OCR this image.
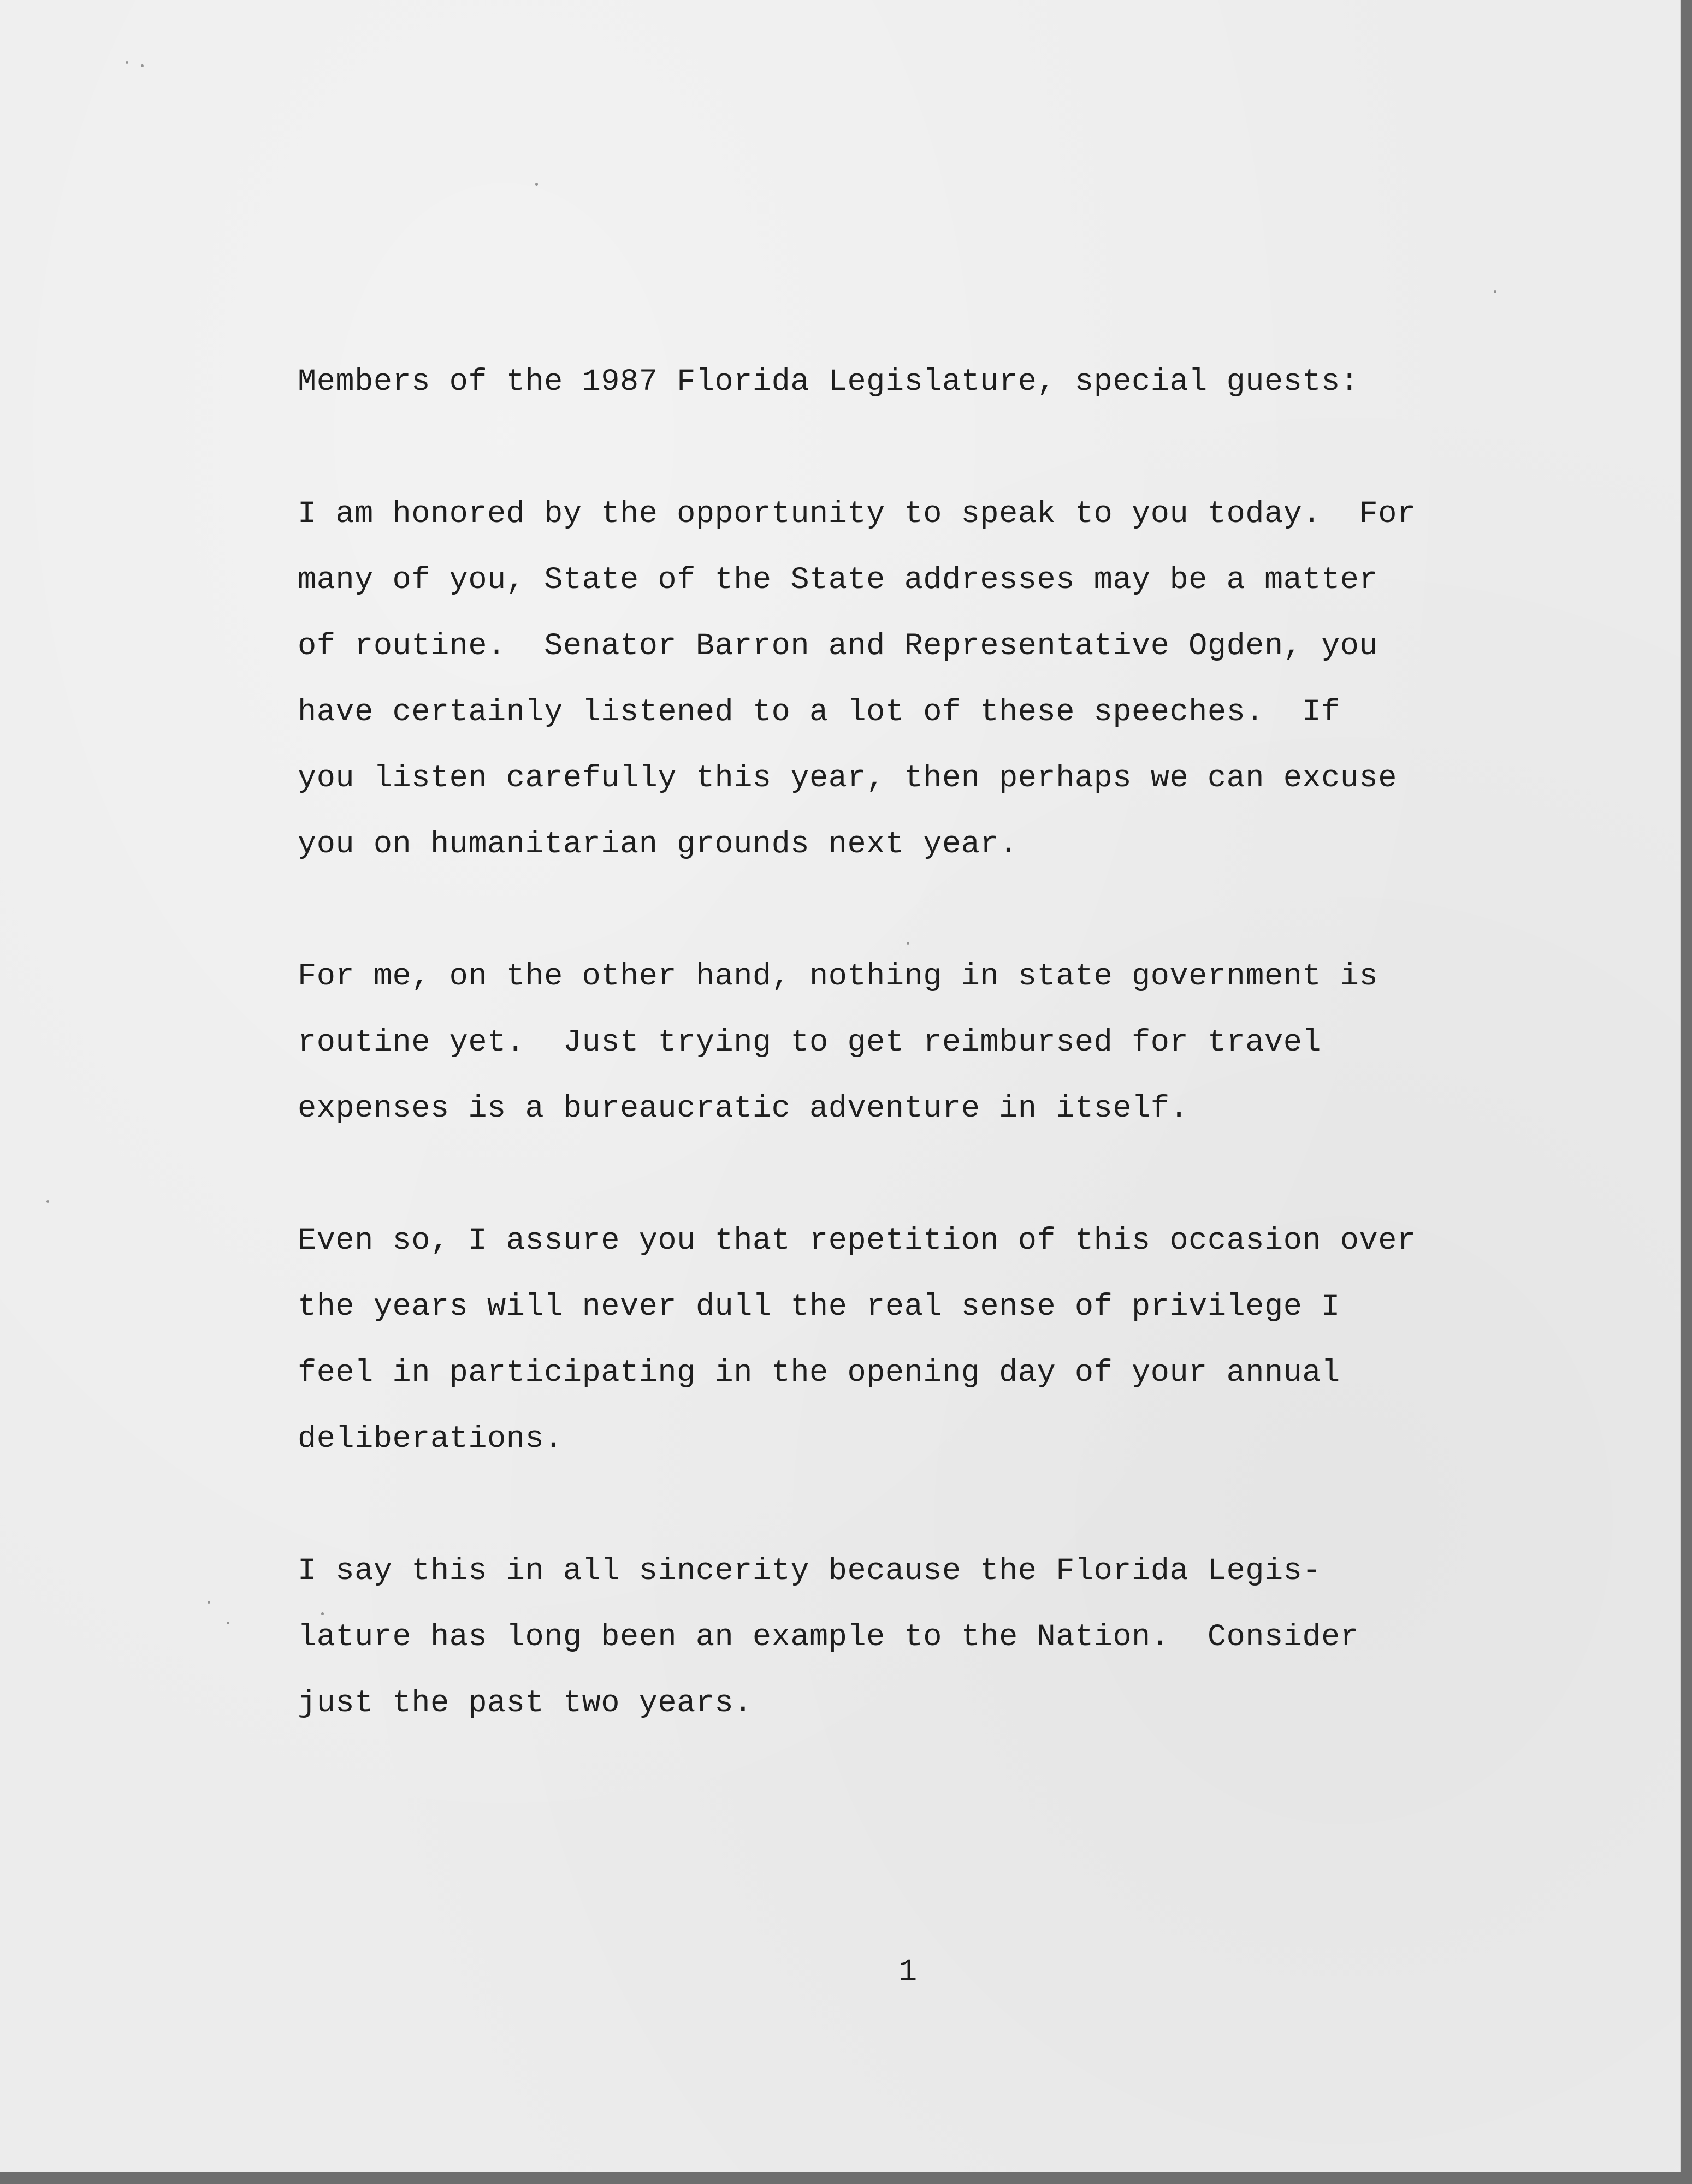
Members of the 1987 Florida Legislature, special guests:
I am honored by the opportunity to speak to you today.  For
many of you, State of the State addresses may be a matter
of routine.  Senator Barron and Representative Ogden, you
have certainly listened to a lot of these speeches.  If
you listen carefully this year, then perhaps we can excuse
you on humanitarian grounds next year.
For me, on the other hand, nothing in state government is
routine yet.  Just trying to get reimbursed for travel
expenses is a bureaucratic adventure in itself.
Even so, I assure you that repetition of this occasion over
the years will never dull the real sense of privilege I
feel in participating in the opening day of your annual
deliberations.
I say this in all sincerity because the Florida Legis-
lature has long been an example to the Nation.  Consider
just the past two years.
1
